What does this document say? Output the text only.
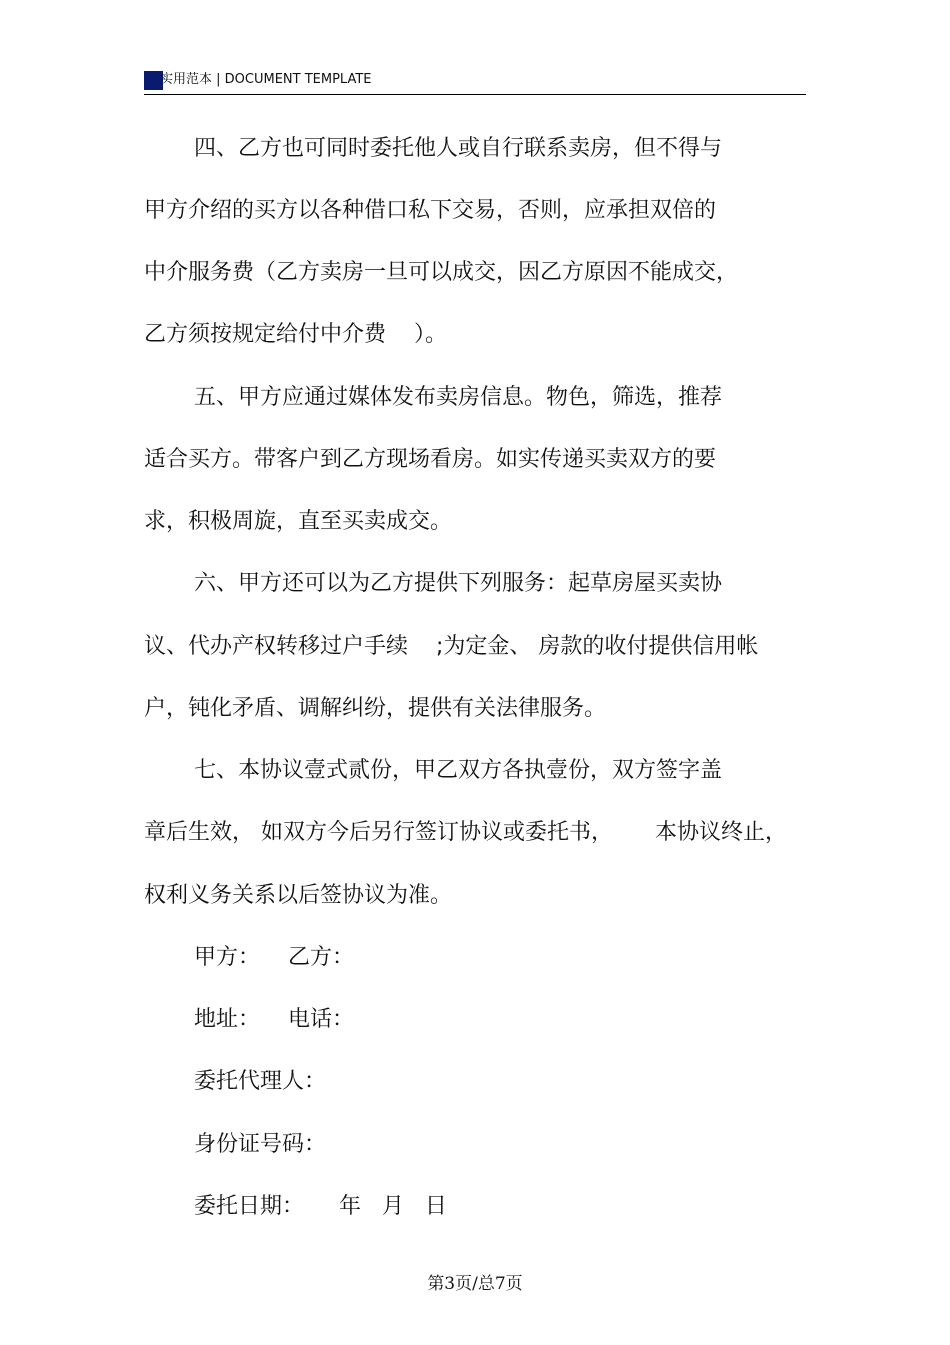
实用范本 | DOCUMENT TEMPLATE
四、乙方也可同时委托他人或自行联系卖房，但不得与
甲方介绍的买方以各种借口私下交易，否则，应承担双倍的
中介服务费（乙方卖房一旦可以成交，因乙方原因不能成交，
乙方须按规定给付中介费    ）。
五、甲方应通过媒体发布卖房信息。物色，筛选，推荐
适合买方。带客户到乙方现场看房。如实传递买卖双方的要
求，积极周旋，直至买卖成交。
六、甲方还可以为乙方提供下列服务：起草房屋买卖协
议、代办产权转移过户手续    ;为定金、 房款的收付提供信用帐
户，钝化矛盾、调解纠纷，提供有关法律服务。
七、本协议壹式贰份，甲乙双方各执壹份，双方签字盖
章后生效， 如双方今后另行签订协议或委托书，      本协议终止，
权利义务关系以后签协议为准。
甲方：    乙方：
地址：    电话：
委托代理人：
身份证号码：
委托日期：     年   月   日
第3页/总7页
